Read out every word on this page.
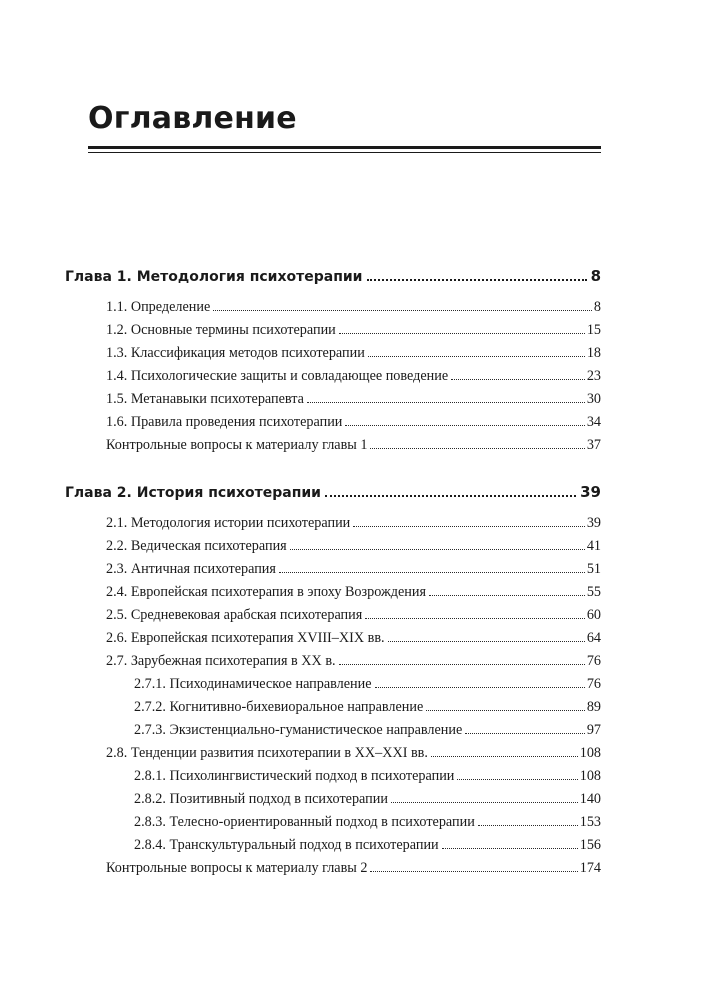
Оглавление
Глава 1. Методология психотерапии	8
1.1. Определение	8
1.2. Основные термины психотерапии	15
1.3. Классификация методов психотерапии	18
1.4. Психологические защиты и совладающее поведение	23
1.5. Метанавыки психотерапевта	30
1.6. Правила проведения психотерапии	34
Контрольные вопросы к материалу главы 1	37
Глава 2. История психотерапии	39
2.1. Методология истории психотерапии	39
2.2. Ведическая психотерапия	41
2.3. Античная психотерапия	51
2.4. Европейская психотерапия в эпоху Возрождения	55
2.5. Средневековая арабская психотерапия	60
2.6. Европейская психотерапия XVIII–XIX вв.	64
2.7. Зарубежная психотерапия в XX в.	76
2.7.1. Психодинамическое направление	76
2.7.2. Когнитивно-бихевиоральное направление	89
2.7.3. Экзистенциально-гуманистическое направление	97
2.8. Тенденции развития психотерапии в XX–XXI вв.	108
2.8.1. Психолингвистический подход в психотерапии	108
2.8.2. Позитивный подход в психотерапии	140
2.8.3. Телесно-ориентированный подход в психотерапии	153
2.8.4. Транскультуральный подход в психотерапии	156
Контрольные вопросы к материалу главы 2	174
